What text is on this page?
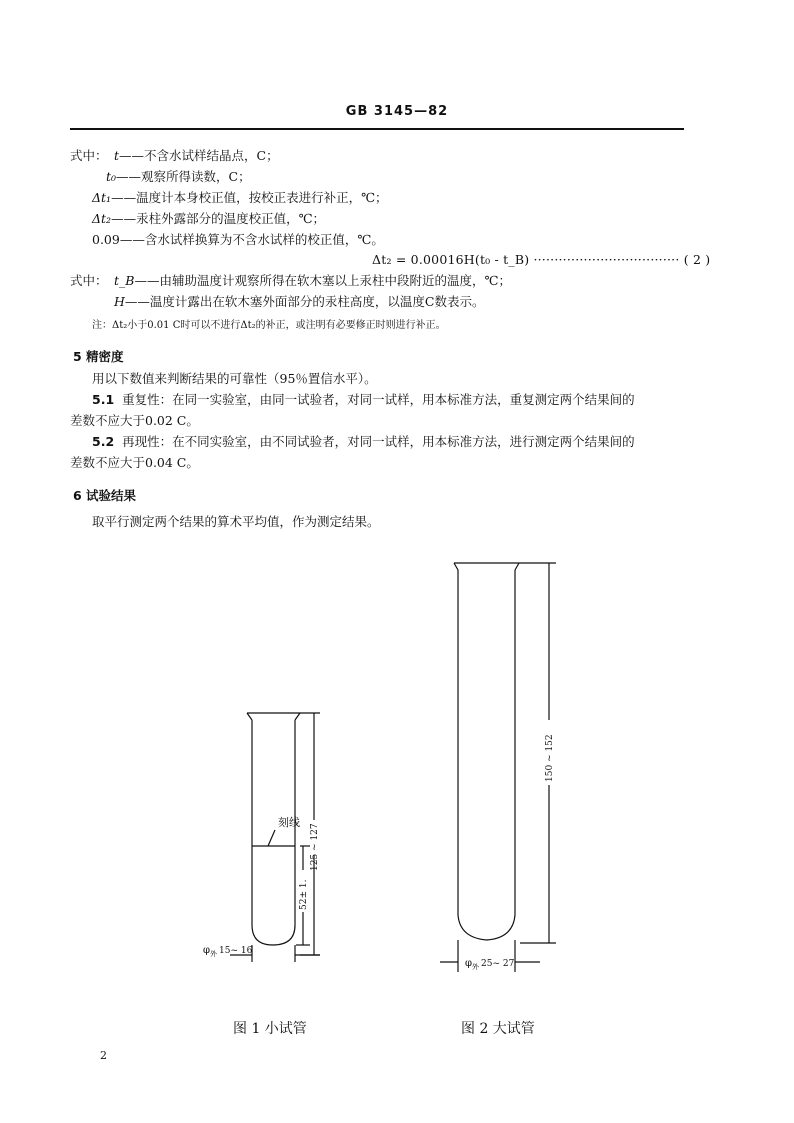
GB 3145—82
式中： t——不含水试样结晶点，C；
t₀——观察所得读数，C；
Δt₁——温度计本身校正值，按校正表进行补正，℃；
Δt₂——汞柱外露部分的温度校正值，℃；
0.09——含水试样换算为不含水试样的校正值，℃。
Δt₂ = 0.00016H(t₀ - t_B) ··································· ( 2 )
式中： t_B——由辅助温度计观察所得在软木塞以上汞柱中段附近的温度，℃；
H——温度计露出在软木塞外面部分的汞柱高度，以温度C数表示。
注：Δt₂小于0.01 C时可以不进行Δt₂的补正，或注明有必要修正时则进行补正。
5 精密度
用以下数值来判断结果的可靠性（95％置信水平）。
5.1 重复性：在同一实验室，由同一试验者，对同一试样，用本标准方法，重复测定两个结果间的
差数不应大于0.02 C。
5.2 再现性：在不同实验室，由不同试验者，对同一试样，用本标准方法，进行测定两个结果间的
差数不应大于0.04 C。
6 试验结果
取平行测定两个结果的算术平均值，作为测定结果。
刻线
125 ~ 127
52± 1.
$\varphi_外$ 15~ 16
150 ~ 152
$\varphi_外$ 25~ 27
图 1 小试管	图 2 大试管
2
